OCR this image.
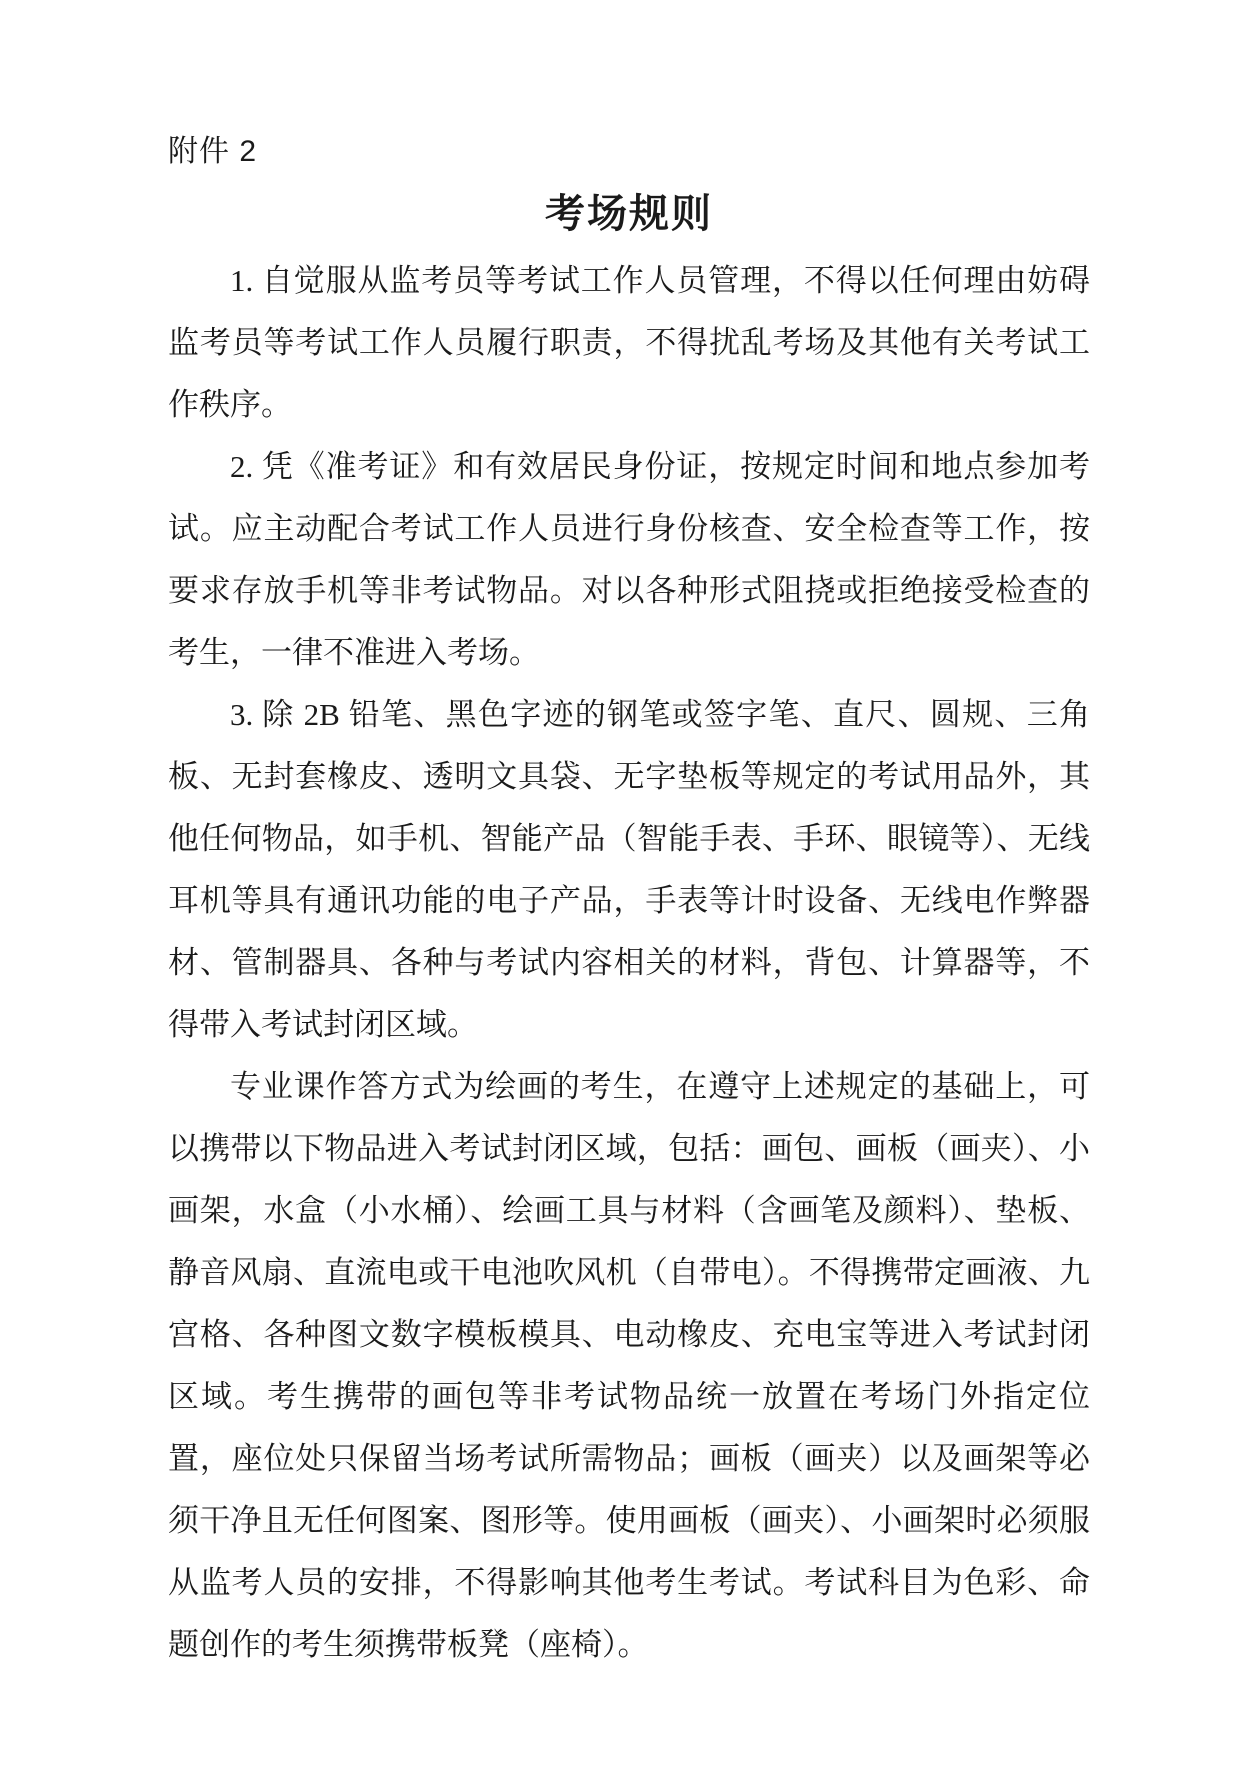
附件 2

考场规则

1. 自觉服从监考员等考试工作人员管理，不得以任何理由妨碍监考员等考试工作人员履行职责，不得扰乱考场及其他有关考试工作秩序。

2. 凭《准考证》和有效居民身份证，按规定时间和地点参加考试。应主动配合考试工作人员进行身份核查、安全检查等工作，按要求存放手机等非考试物品。对以各种形式阻挠或拒绝接受检查的考生，一律不准进入考场。

3. 除 2B 铅笔、黑色字迹的钢笔或签字笔、直尺、圆规、三角板、无封套橡皮、透明文具袋、无字垫板等规定的考试用品外，其他任何物品，如手机、智能产品（智能手表、手环、眼镜等）、无线耳机等具有通讯功能的电子产品，手表等计时设备、无线电作弊器材、管制器具、各种与考试内容相关的材料，背包、计算器等，不得带入考试封闭区域。

专业课作答方式为绘画的考生，在遵守上述规定的基础上，可以携带以下物品进入考试封闭区域，包括：画包、画板（画夹）、小画架，水盒（小水桶）、绘画工具与材料（含画笔及颜料）、垫板、静音风扇、直流电或干电池吹风机（自带电）。不得携带定画液、九宫格、各种图文数字模板模具、电动橡皮、充电宝等进入考试封闭区域。考生携带的画包等非考试物品统一放置在考场门外指定位置，座位处只保留当场考试所需物品；画板（画夹）以及画架等必须干净且无任何图案、图形等。使用画板（画夹）、小画架时必须服从监考人员的安排，不得影响其他考生考试。考试科目为色彩、命题创作的考生须携带板凳（座椅）。
